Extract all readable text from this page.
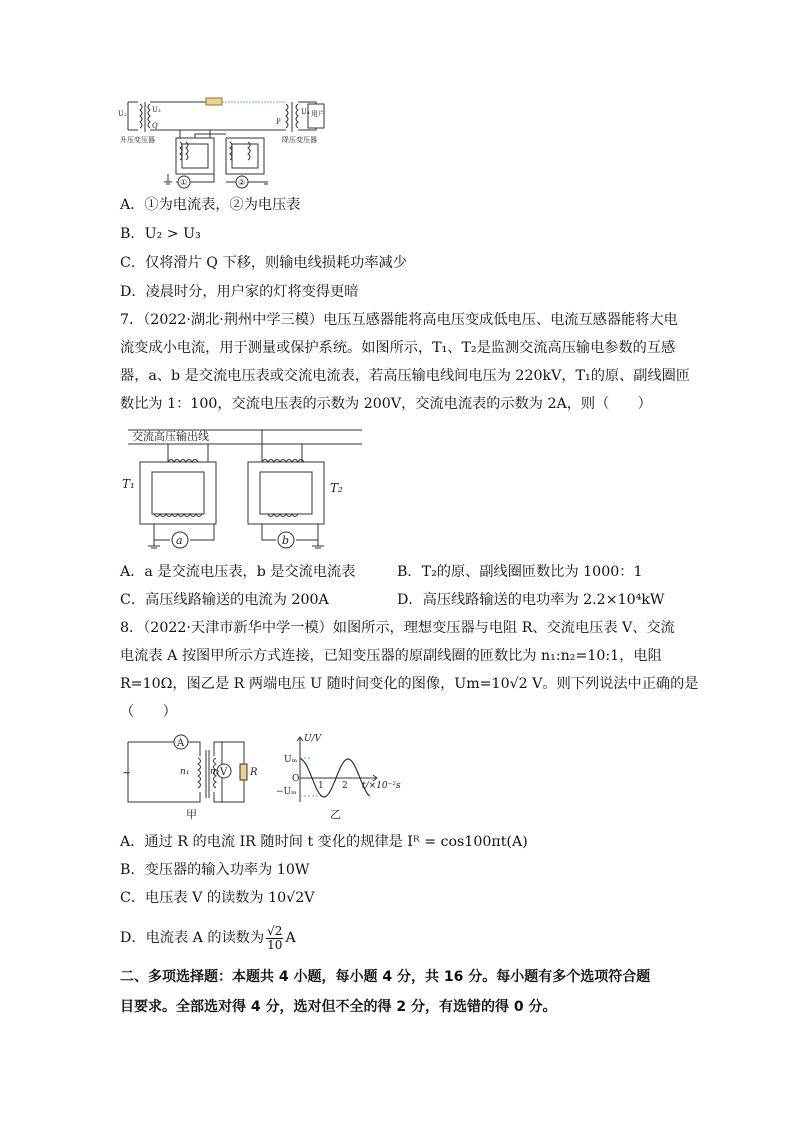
U₂	U₃
Q	P
U₄ 用户
升压变压器	降压变压器
①	②
A．①为电流表，②为电压表
B．U₂ > U₃
C．仅将滑片 Q 下移，则输电线损耗功率减少
D．凌晨时分，用户家的灯将变得更暗
7．（2022·湖北·荆州中学三模）电压互感器能将高电压变成低电压、电流互感器能将大电
流变成小电流，用于测量或保护系统。如图所示，T₁、T₂是监测交流高压输电参数的互感
器，a、b 是交流电压表或交流电流表，若高压输电线间电压为 220kV，T₁的原、副线圈匝
数比为 1：100，交流电压表的示数为 200V，交流电流表的示数为 2A，则（　　）
交流高压输出线
T₁	T₂
a	b
A．a 是交流电压表，b 是交流电流表	B．T₂的原、副线圈匝数比为 1000：1
C．高压线路输送的电流为 200A	D．高压线路输送的电功率为 2.2×10⁴kW
8．（2022·天津市新华中学一模）如图所示，理想变压器与电阻 R、交流电压表 V、交流
电流表 A 按图甲所示方式连接，已知变压器的原副线圈的匝数比为 n₁:n₂=10:1，电阻
R=10Ω，图乙是 R 两端电压 U 随时间变化的图像，Um=10√2 V。则下列说法中正确的是
（　　）
A
V
n₁ n₂	R
~
甲
U/V
Uₘ
O
−Uₘ
1 2 t/×10⁻²s
乙
A．通过 R 的电流 IR 随时间 t 变化的规律是 Iᴿ = cos100πt(A)
B．变压器的输入功率为 10W
C．电压表 V 的读数为 10√2V
D．电流表 A 的读数为 $\frac{√2}{10}$ A
二、多项选择题：本题共 4 小题，每小题 4 分，共 16 分。每小题有多个选项符合题
目要求。全部选对得 4 分，选对但不全的得 2 分，有选错的得 0 分。
